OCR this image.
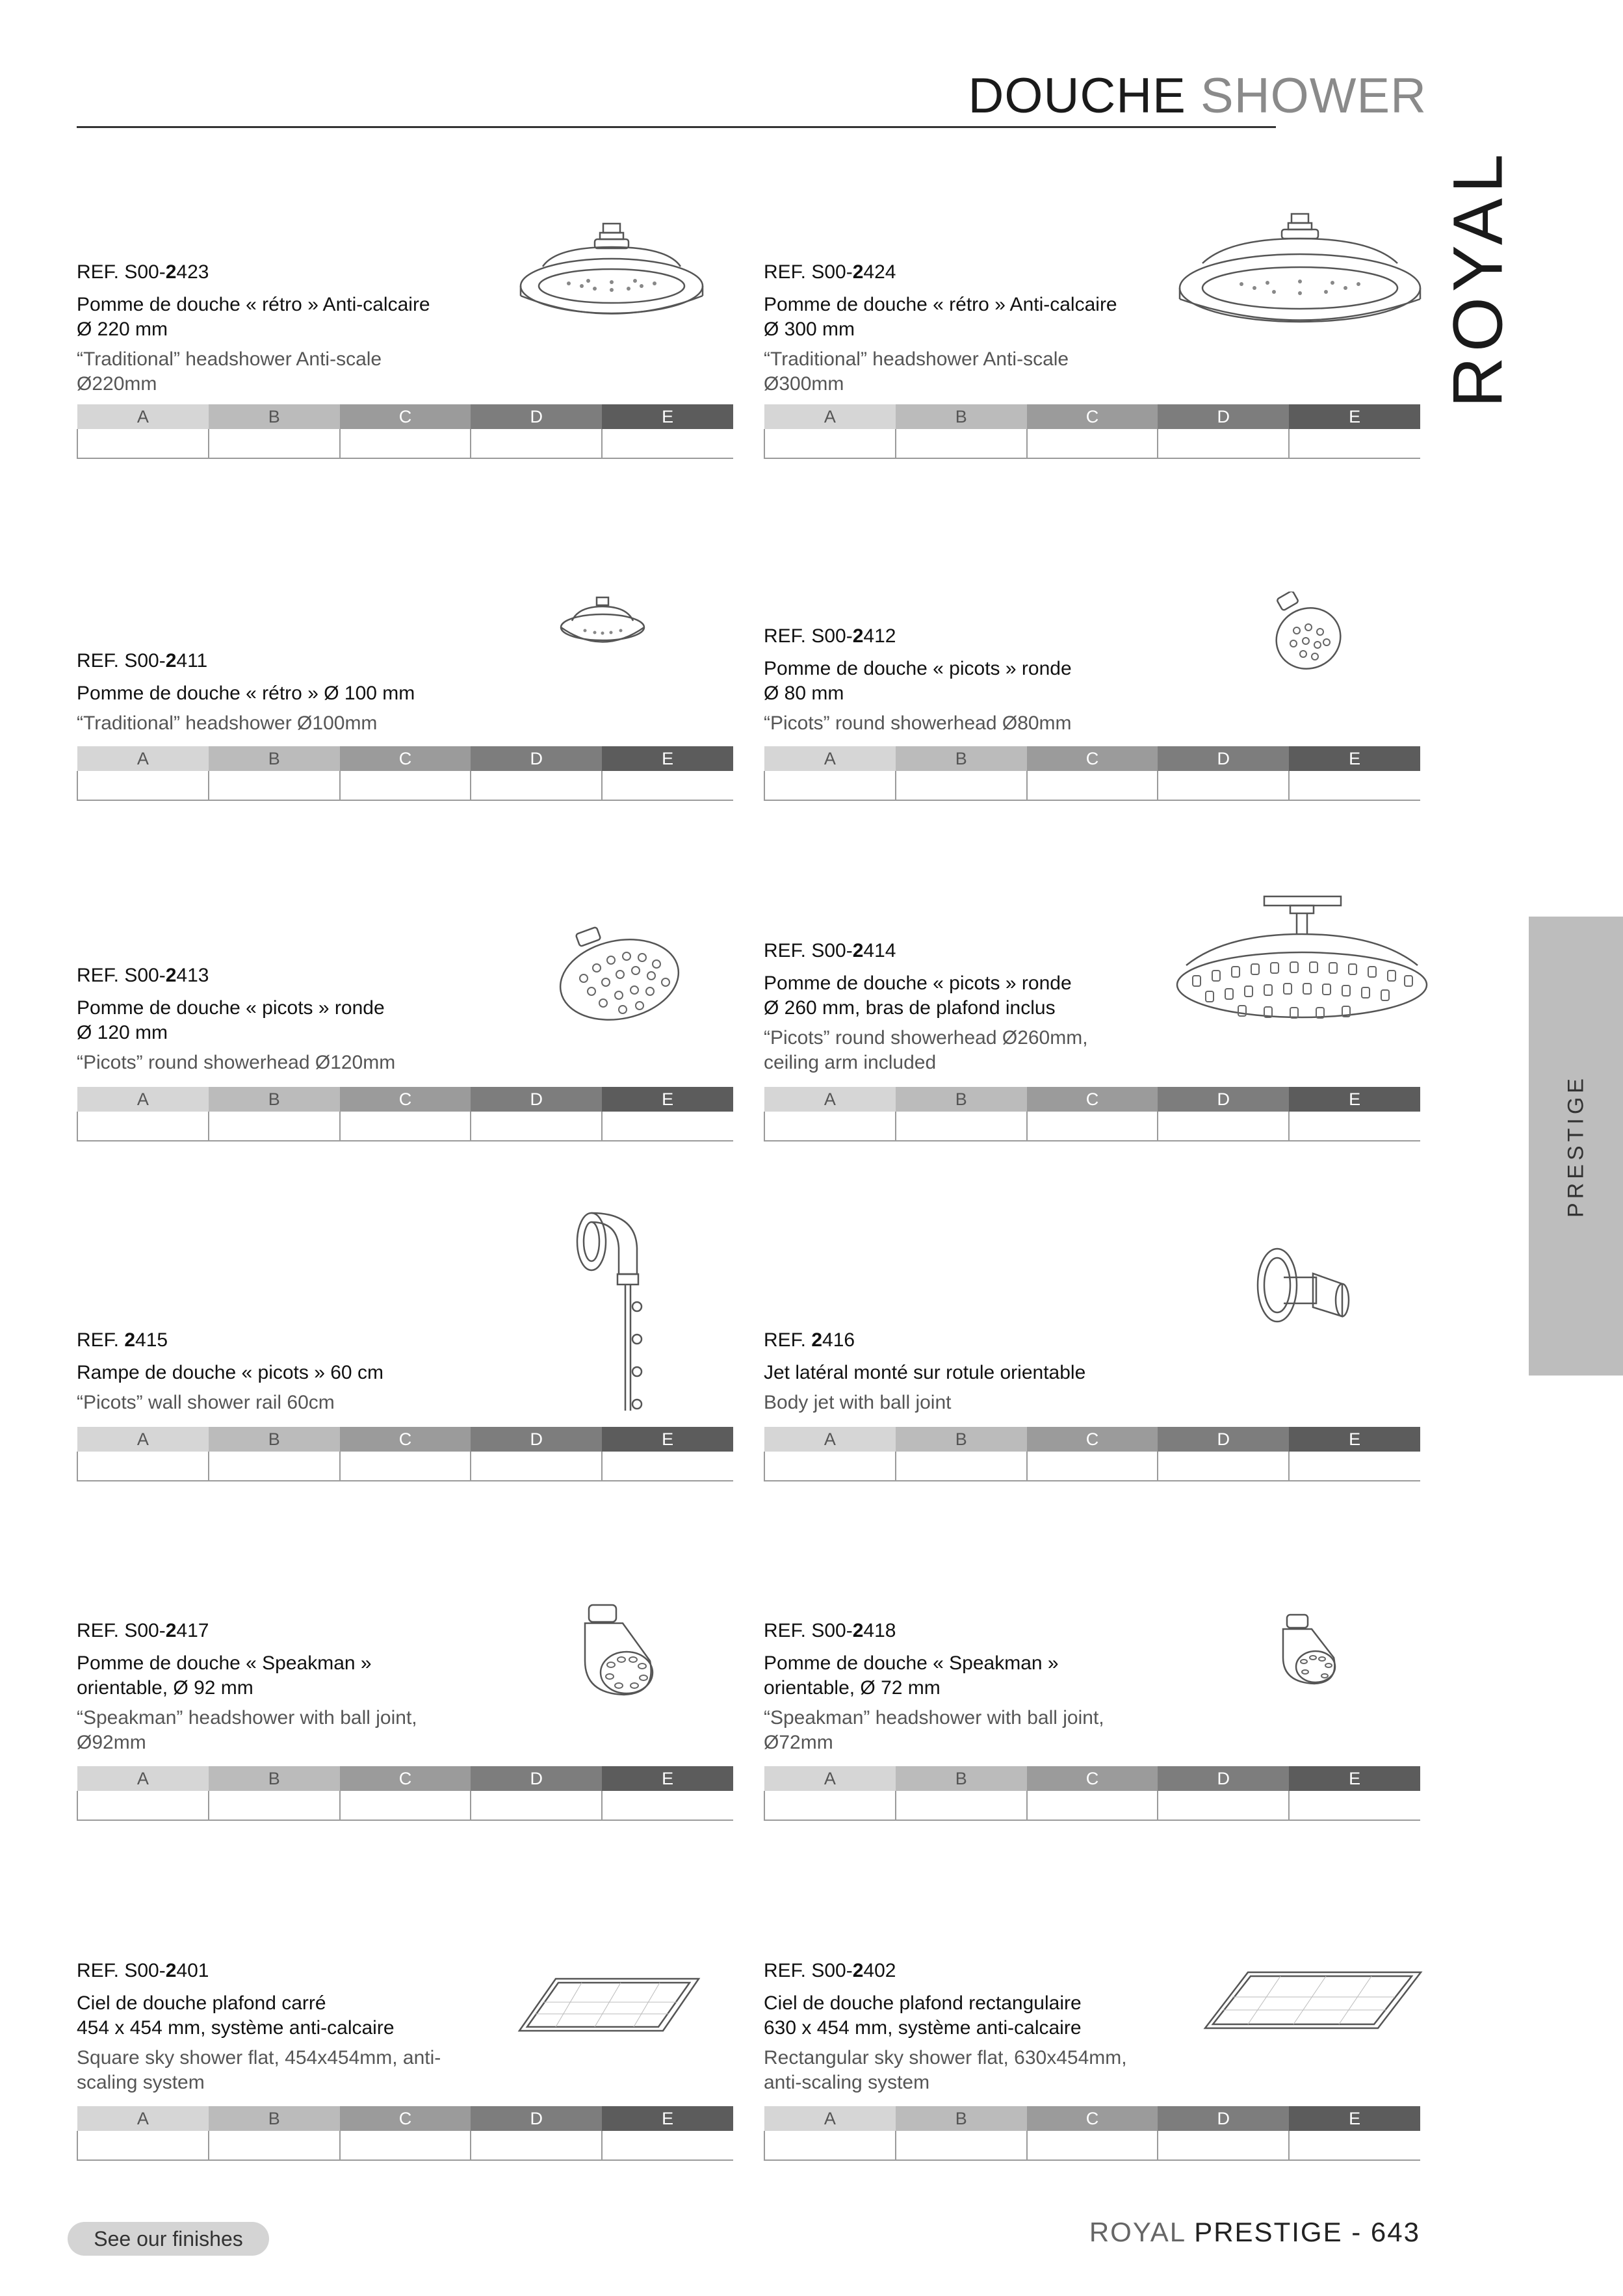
DOUCHE SHOWER
ROYAL
PRESTIGE
REF. S00-2423
Pomme de douche « rétro » Anti-calcaire
Ø 220 mm
“Traditional” headshower Anti-scale
Ø220mm
A	B	C	D	E

REF. S00-2424
Pomme de douche « rétro » Anti-calcaire
Ø 300 mm
“Traditional” headshower Anti-scale
Ø300mm
A	B	C	D	E

REF. S00-2411
Pomme de douche « rétro » Ø 100 mm
“Traditional” headshower Ø100mm
A	B	C	D	E

REF. S00-2412
Pomme de douche « picots » ronde
Ø 80 mm
“Picots” round showerhead Ø80mm
A	B	C	D	E

REF. S00-2413
Pomme de douche « picots » ronde
Ø 120 mm
“Picots” round showerhead Ø120mm
A	B	C	D	E

REF. S00-2414
Pomme de douche « picots » ronde
Ø 260 mm, bras de plafond inclus
“Picots” round showerhead Ø260mm,
ceiling arm included
A	B	C	D	E

REF. 2415
Rampe de douche « picots » 60 cm
“Picots” wall shower rail 60cm
A	B	C	D	E

REF. 2416
Jet latéral monté sur rotule orientable
Body jet with ball joint
A	B	C	D	E

REF. S00-2417
Pomme de douche « Speakman »
orientable, Ø 92 mm
“Speakman” headshower with ball joint,
Ø92mm
A	B	C	D	E

REF. S00-2418
Pomme de douche « Speakman »
orientable, Ø 72 mm
“Speakman” headshower with ball joint,
Ø72mm
A	B	C	D	E

REF. S00-2401
Ciel de douche plafond carré
454 x 454 mm, système anti-calcaire
Square sky shower flat, 454x454mm, anti-
scaling system
A	B	C	D	E

REF. S00-2402
Ciel de douche plafond rectangulaire
630 x 454 mm, système anti-calcaire
Rectangular sky shower flat, 630x454mm,
anti-scaling system
A	B	C	D	E

See our finishes	ROYAL PRESTIGE - 643
